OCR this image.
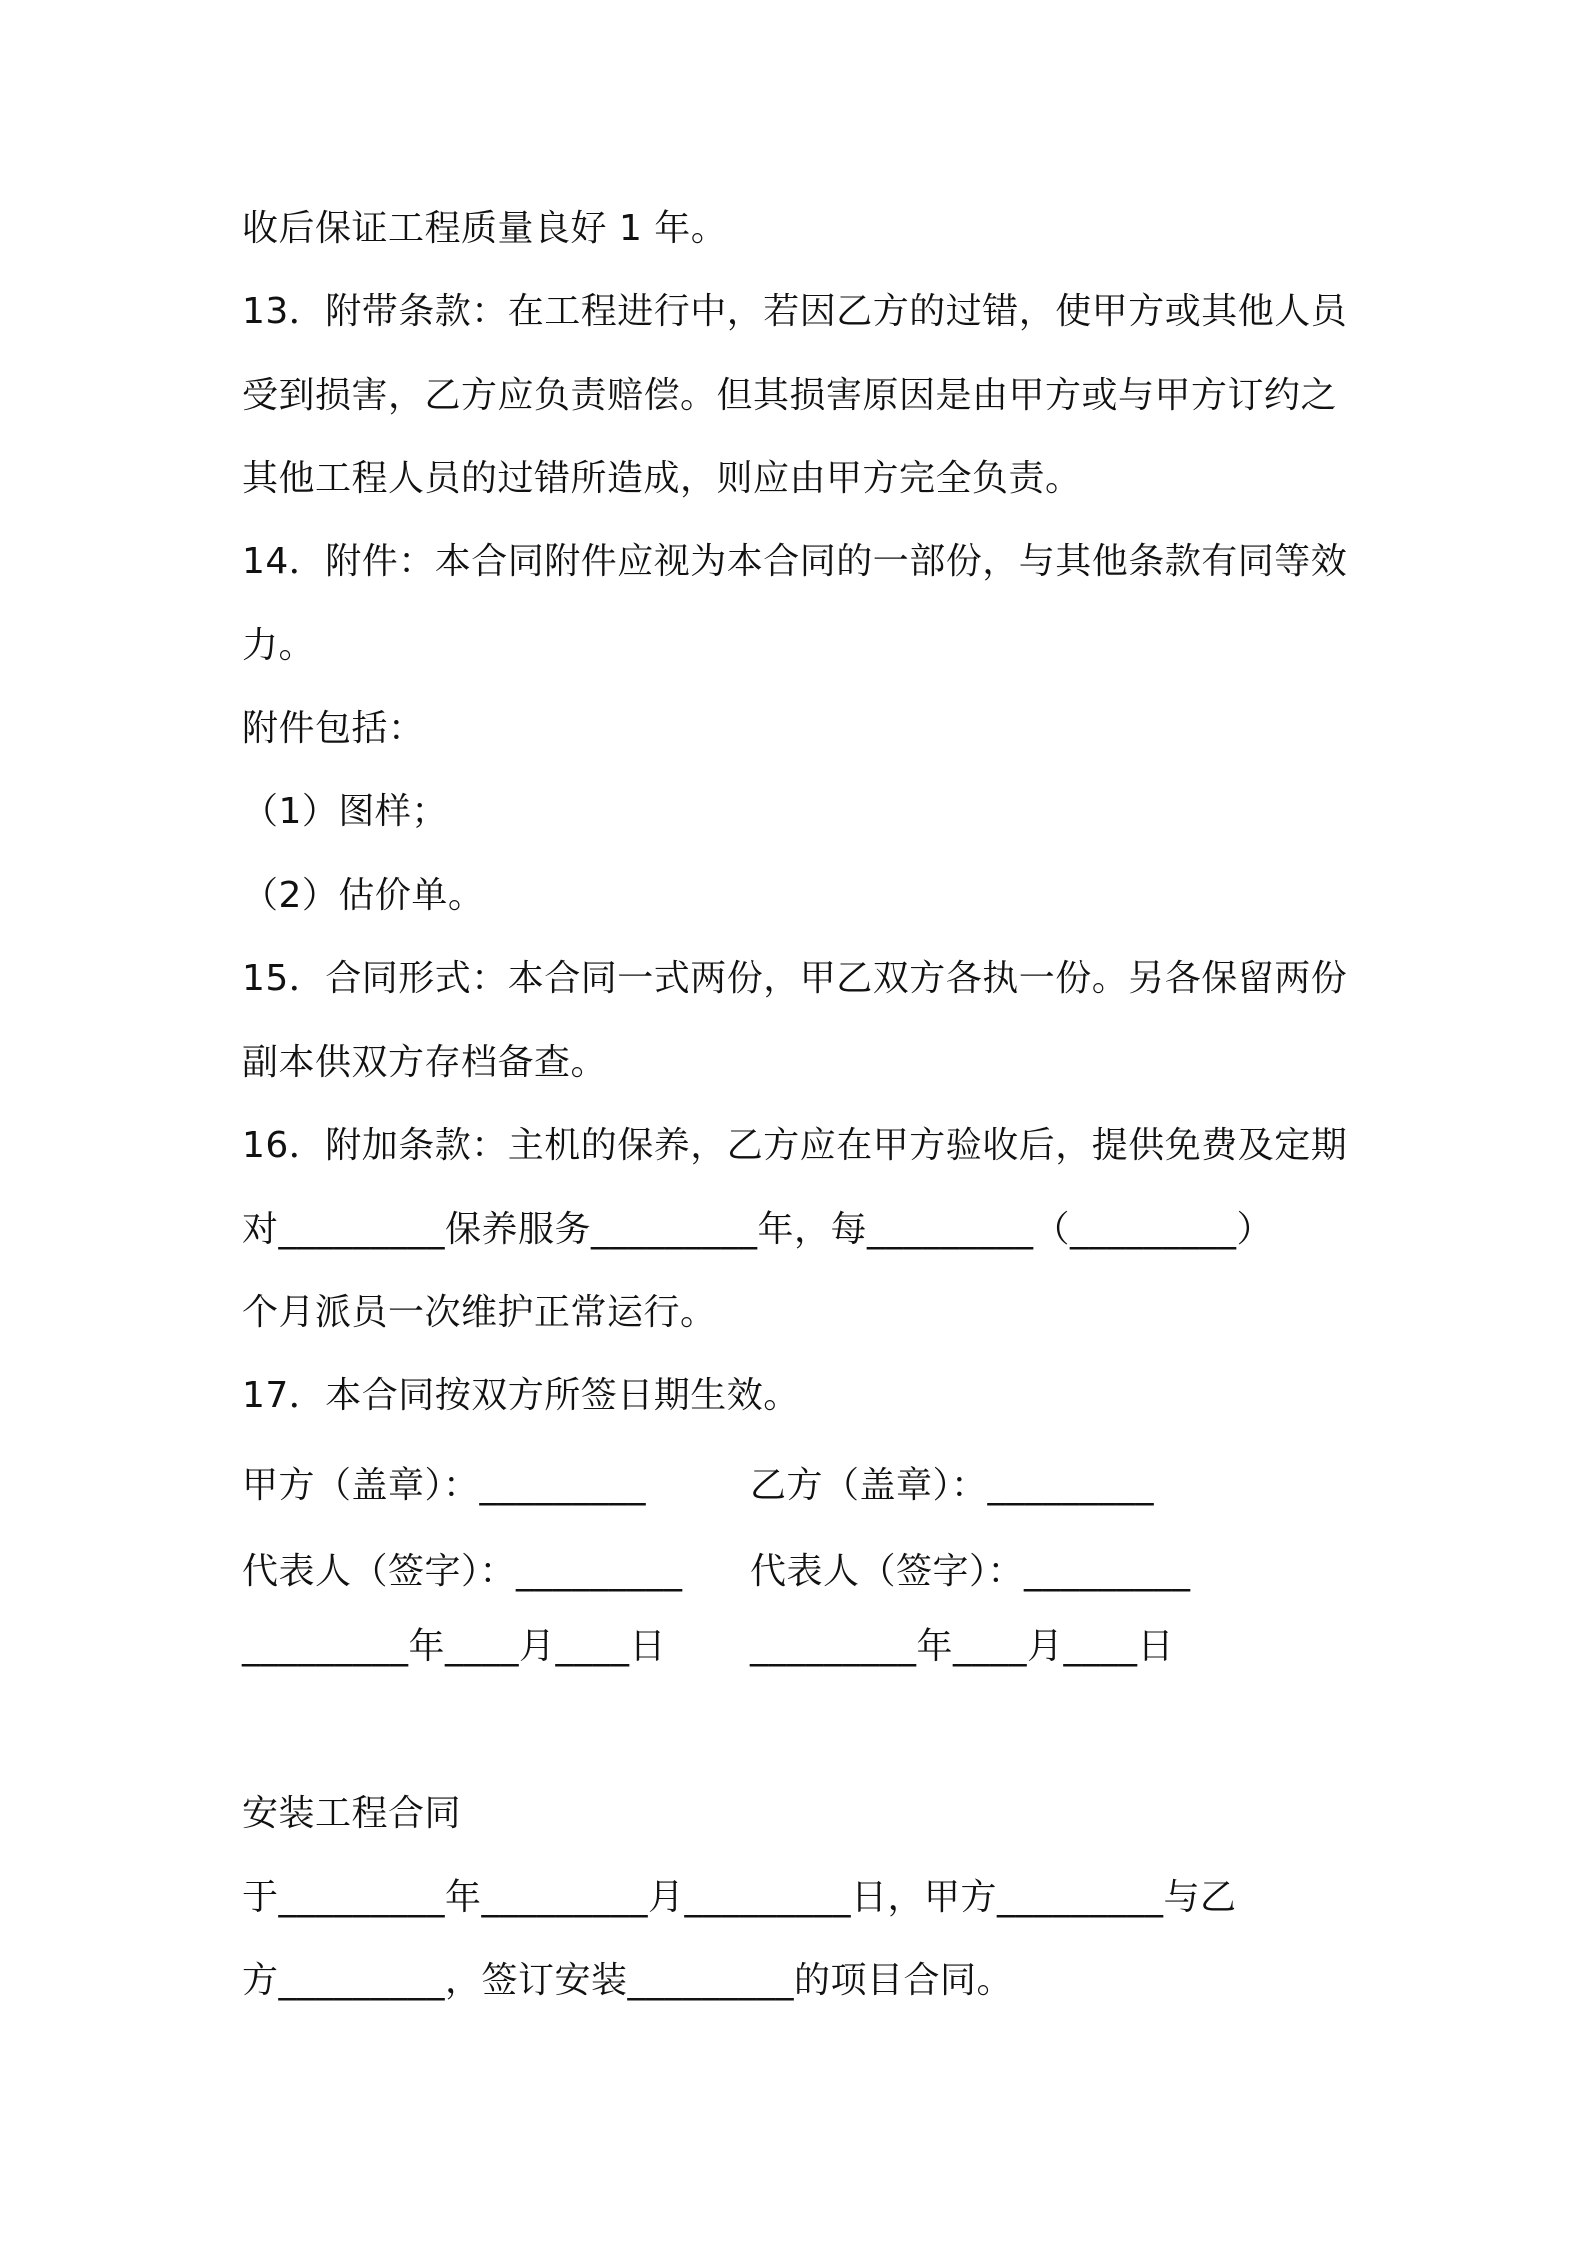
收后保证工程质量良好 1 年。
13．附带条款：在工程进行中，若因乙方的过错，使甲方或其他人员
受到损害，乙方应负责赔偿。但其损害原因是由甲方或与甲方订约之
其他工程人员的过错所造成，则应由甲方完全负责。
14．附件：本合同附件应视为本合同的一部份，与其他条款有同等效
力。
附件包括：
（1）图样；
（2）估价单。
15．合同形式：本合同一式两份，甲乙双方各执一份。另各保留两份
副本供双方存档备查。
16．附加条款：主机的保养，乙方应在甲方验收后，提供免费及定期
对_________保养服务_________年，每_________（_________）
个月派员一次维护正常运行。
17．本合同按双方所签日期生效。
甲方（盖章）：_________	乙方（盖章）：_________
代表人（签字）：_________ 代表人（签字）：_________
_________年____月____日 _________年____月____日
安装工程合同
于_________年_________月_________日，甲方_________与乙
方_________，签订安装_________的项目合同。
